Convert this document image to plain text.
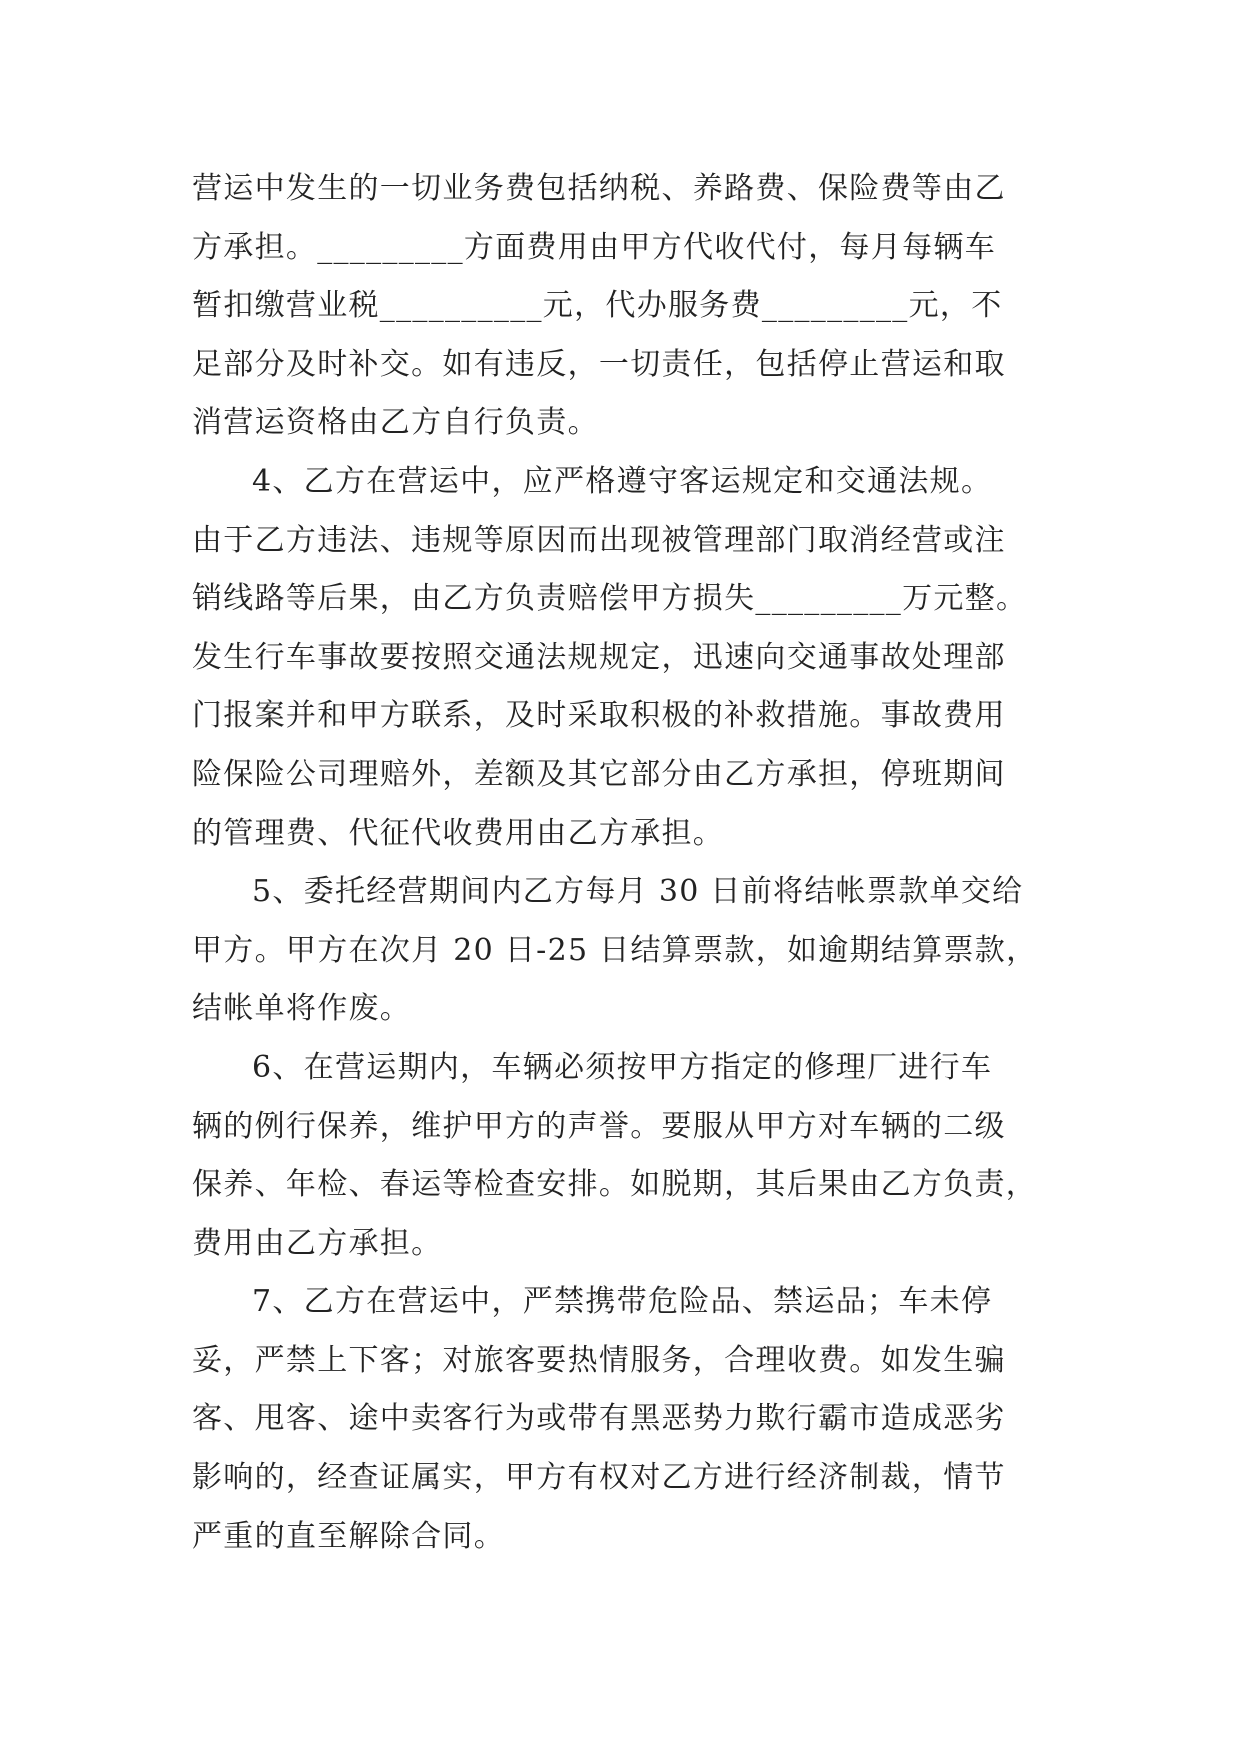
营运中发生的一切业务费包括纳税、养路费、保险费等由乙
方承担。_________方面费用由甲方代收代付，每月每辆车
暂扣缴营业税__________元，代办服务费_________元，不
足部分及时补交。如有违反，一切责任，包括停止营运和取
消营运资格由乙方自行负责。
4、乙方在营运中，应严格遵守客运规定和交通法规。
由于乙方违法、违规等原因而出现被管理部门取消经营或注
销线路等后果，由乙方负责赔偿甲方损失_________万元整。
发生行车事故要按照交通法规规定，迅速向交通事故处理部
门报案并和甲方联系，及时采取积极的补救措施。事故费用
险保险公司理赔外，差额及其它部分由乙方承担，停班期间
的管理费、代征代收费用由乙方承担。
5、委托经营期间内乙方每月 30 日前将结帐票款单交给
甲方。甲方在次月 20 日-25 日结算票款，如逾期结算票款，
结帐单将作废。
6、在营运期内，车辆必须按甲方指定的修理厂进行车
辆的例行保养，维护甲方的声誉。要服从甲方对车辆的二级
保养、年检、春运等检查安排。如脱期，其后果由乙方负责，
费用由乙方承担。
7、乙方在营运中，严禁携带危险品、禁运品；车未停
妥，严禁上下客；对旅客要热情服务，合理收费。如发生骗
客、甩客、途中卖客行为或带有黑恶势力欺行霸市造成恶劣
影响的，经查证属实，甲方有权对乙方进行经济制裁，情节
严重的直至解除合同。
